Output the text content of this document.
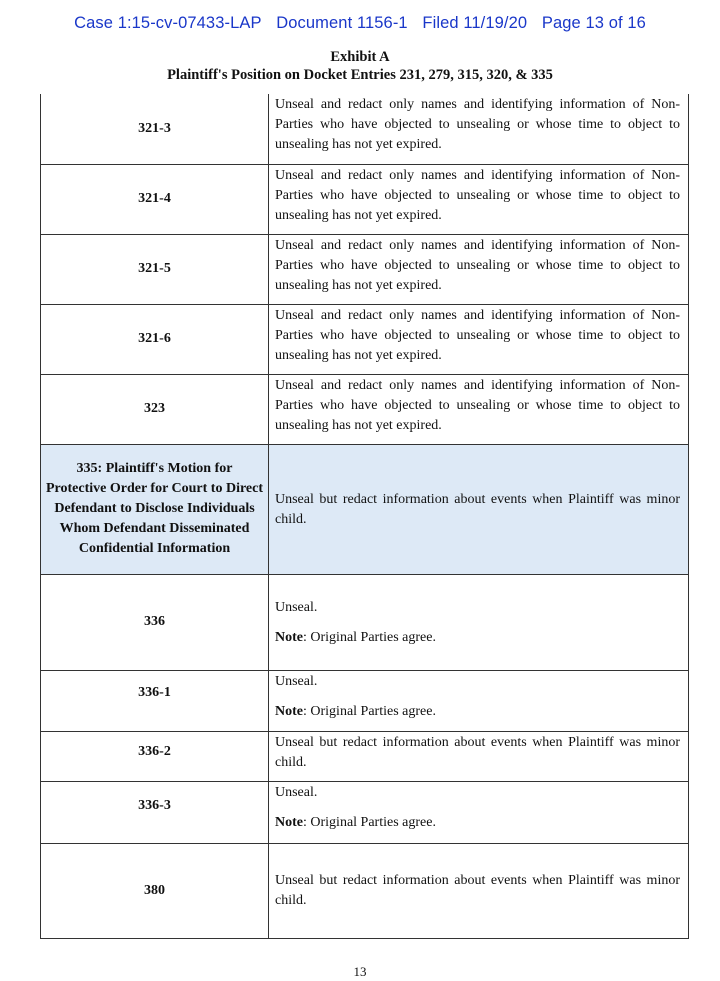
Case 1:15-cv-07433-LAP Document 1156-1 Filed 11/19/20 Page 13 of 16
Exhibit A
Plaintiff's Position on Docket Entries 231, 279, 315, 320, & 335
321-3	Unseal and redact only names and identifying information of Non-Parties who have objected to unsealing or whose time to object to unsealing has not yet expired.
321-4	Unseal and redact only names and identifying information of Non-Parties who have objected to unsealing or whose time to object to unsealing has not yet expired.
321-5	Unseal and redact only names and identifying information of Non-Parties who have objected to unsealing or whose time to object to unsealing has not yet expired.
321-6	Unseal and redact only names and identifying information of Non-Parties who have objected to unsealing or whose time to object to unsealing has not yet expired.
323	Unseal and redact only names and identifying information of Non-Parties who have objected to unsealing or whose time to object to unsealing has not yet expired.
335: Plaintiff's Motion for Protective Order for Court to Direct Defendant to Disclose Individuals Whom Defendant Disseminated Confidential Information	Unseal but redact information about events when Plaintiff was minor child.
336	Unseal.
Note: Original Parties agree.

336-1	Unseal.
Note: Original Parties agree.

336-2	Unseal but redact information about events when Plaintiff was minor child.
336-3	Unseal.
Note: Original Parties agree.

380	Unseal but redact information about events when Plaintiff was minor child.
13
